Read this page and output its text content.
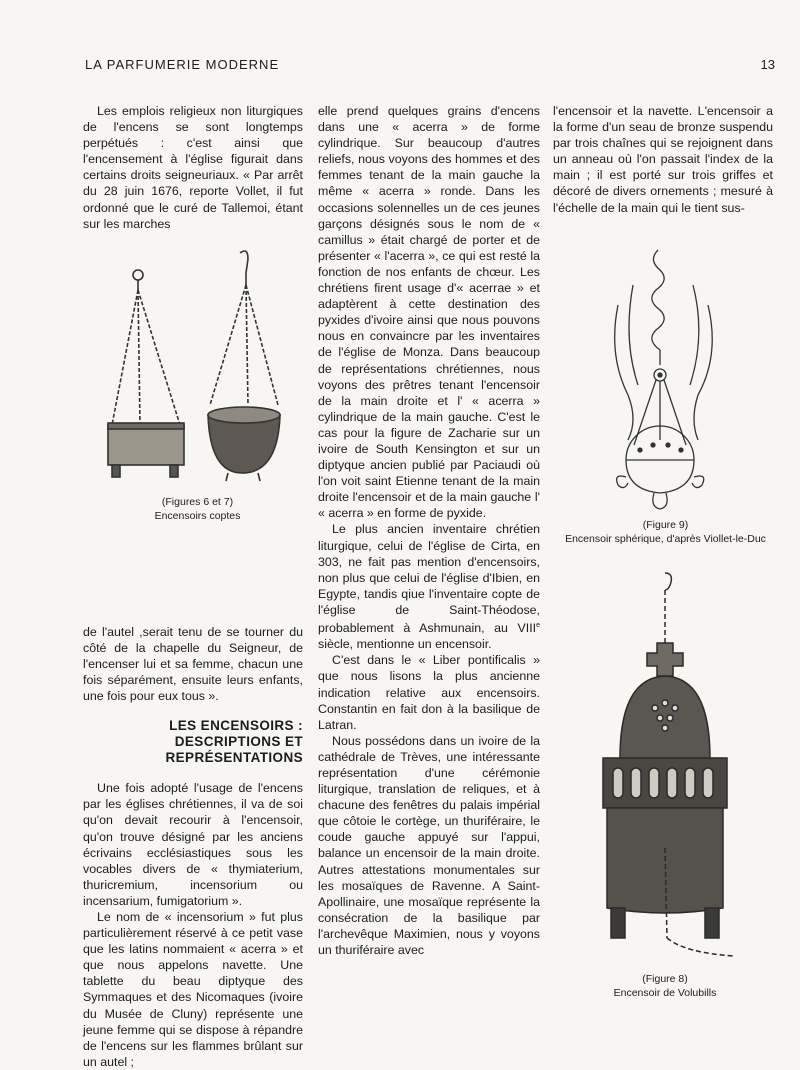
LA PARFUMERIE MODERNE	13

Les emplois religieux non liturgiques de l'encens se sont longtemps perpétués : c'est ainsi que l'encensement à l'église figurait dans certains droits seigneuriaux. « Par arrêt du 28 juin 1676, reporte Vollet, il fut ordonné que le curé de Tallemoi, étant sur les marches

de l'autel ,serait tenu de se tourner du côté de la chapelle du Seigneur, de l'encenser lui et sa femme, chacun une fois séparément, ensuite leurs enfants, une fois pour eux tous ».

LES ENCENSOIRS :
DESCRIPTIONS ET
REPRÉSENTATIONS

Une fois adopté l'usage de l'encens par les églises chrétiennes, il va de soi qu'on devait recourir à l'encensoir, qu'on trouve désigné par les anciens écrivains ecclésiastiques sous les vocables divers de « thymiaterium, thuricremium, incensorium ou incensarium, fumigatorium ».

Le nom de « incensorium » fut plus particulièrement réservé à ce petit vase que les latins nommaient « acerra » et que nous appelons navette. Une tablette du beau diptyque des Symmaques et des Nicomaques (ivoire du Musée de Cluny) représente une jeune femme qui se dispose à répandre de l'encens sur les flammes brûlant sur un autel ;

(Figures 6 et 7)
Encensoirs coptes

elle prend quelques grains d'encens dans une « acerra » de forme cylindrique. Sur beaucoup d'autres reliefs, nous voyons des hommes et des femmes tenant de la main gauche la même « acerra » ronde. Dans les occasions solennelles un de ces jeunes garçons désignés sous le nom de « camillus » était chargé de porter et de présenter « l'acerra », ce qui est resté la fonction de nos enfants de chœur. Les chrétiens firent usage d'« acerrae » et adaptèrent à cette destination des pyxides d'ivoire ainsi que nous pouvons nous en convaincre par les inventaires de l'église de Monza. Dans beaucoup de représentations chrétiennes, nous voyons des prêtres tenant l'encensoir de la main droite et l' « acerra » cylindrique de la main gauche. C'est le cas pour la figure de Zacharie sur un ivoire de South Kensington et sur un diptyque ancien publié par Paciaudi où l'on voit saint Etienne tenant de la main droite l'encensoir et de la main gauche l' « acerra » en forme de pyxide.

Le plus ancien inventaire chrétien liturgique, celui de l'église de Cirta, en 303, ne fait pas mention d'encensoirs, non plus que celui de l'église d'Ibien, en Egypte, tandis qiue l'inventaire copte de l'église de Saint-Théodose, probablement à Ashmunain, au VIIIe siècle, mentionne un encensoir.

C'est dans le « Liber pontificalis » que nous lisons la plus ancienne indication relative aux encensoirs. Constantin en fait don à la basilique de Latran.

Nous possédons dans un ivoire de la cathédrale de Trèves, une intéressante représentation d'une cérémonie liturgique, translation de reliques, et à chacune des fenêtres du palais impérial que côtoie le cortège, un thuriféraire, le coude gauche appuyé sur l'appui, balance un encensoir de la main droite. Autres attestations monumentales sur les mosaïques de Ravenne. A Saint-Apollinaire, une mosaïque représente la consécration de la basilique par l'archevêque Maximien, nous y voyons un thuriféraire avec

l'encensoir et la navette. L'encensoir a la forme d'un seau de bronze suspendu par trois chaînes qui se rejoignent dans un anneau où l'on passait l'index de la main ; il est porté sur trois griffes et décoré de divers ornements ; mesuré à l'échelle de la main qui le tient sus-

(Figure 9)
Encensoir sphérique, d'après Viollet-le-Duc
(Figure 8)
Encensoir de Volubills
